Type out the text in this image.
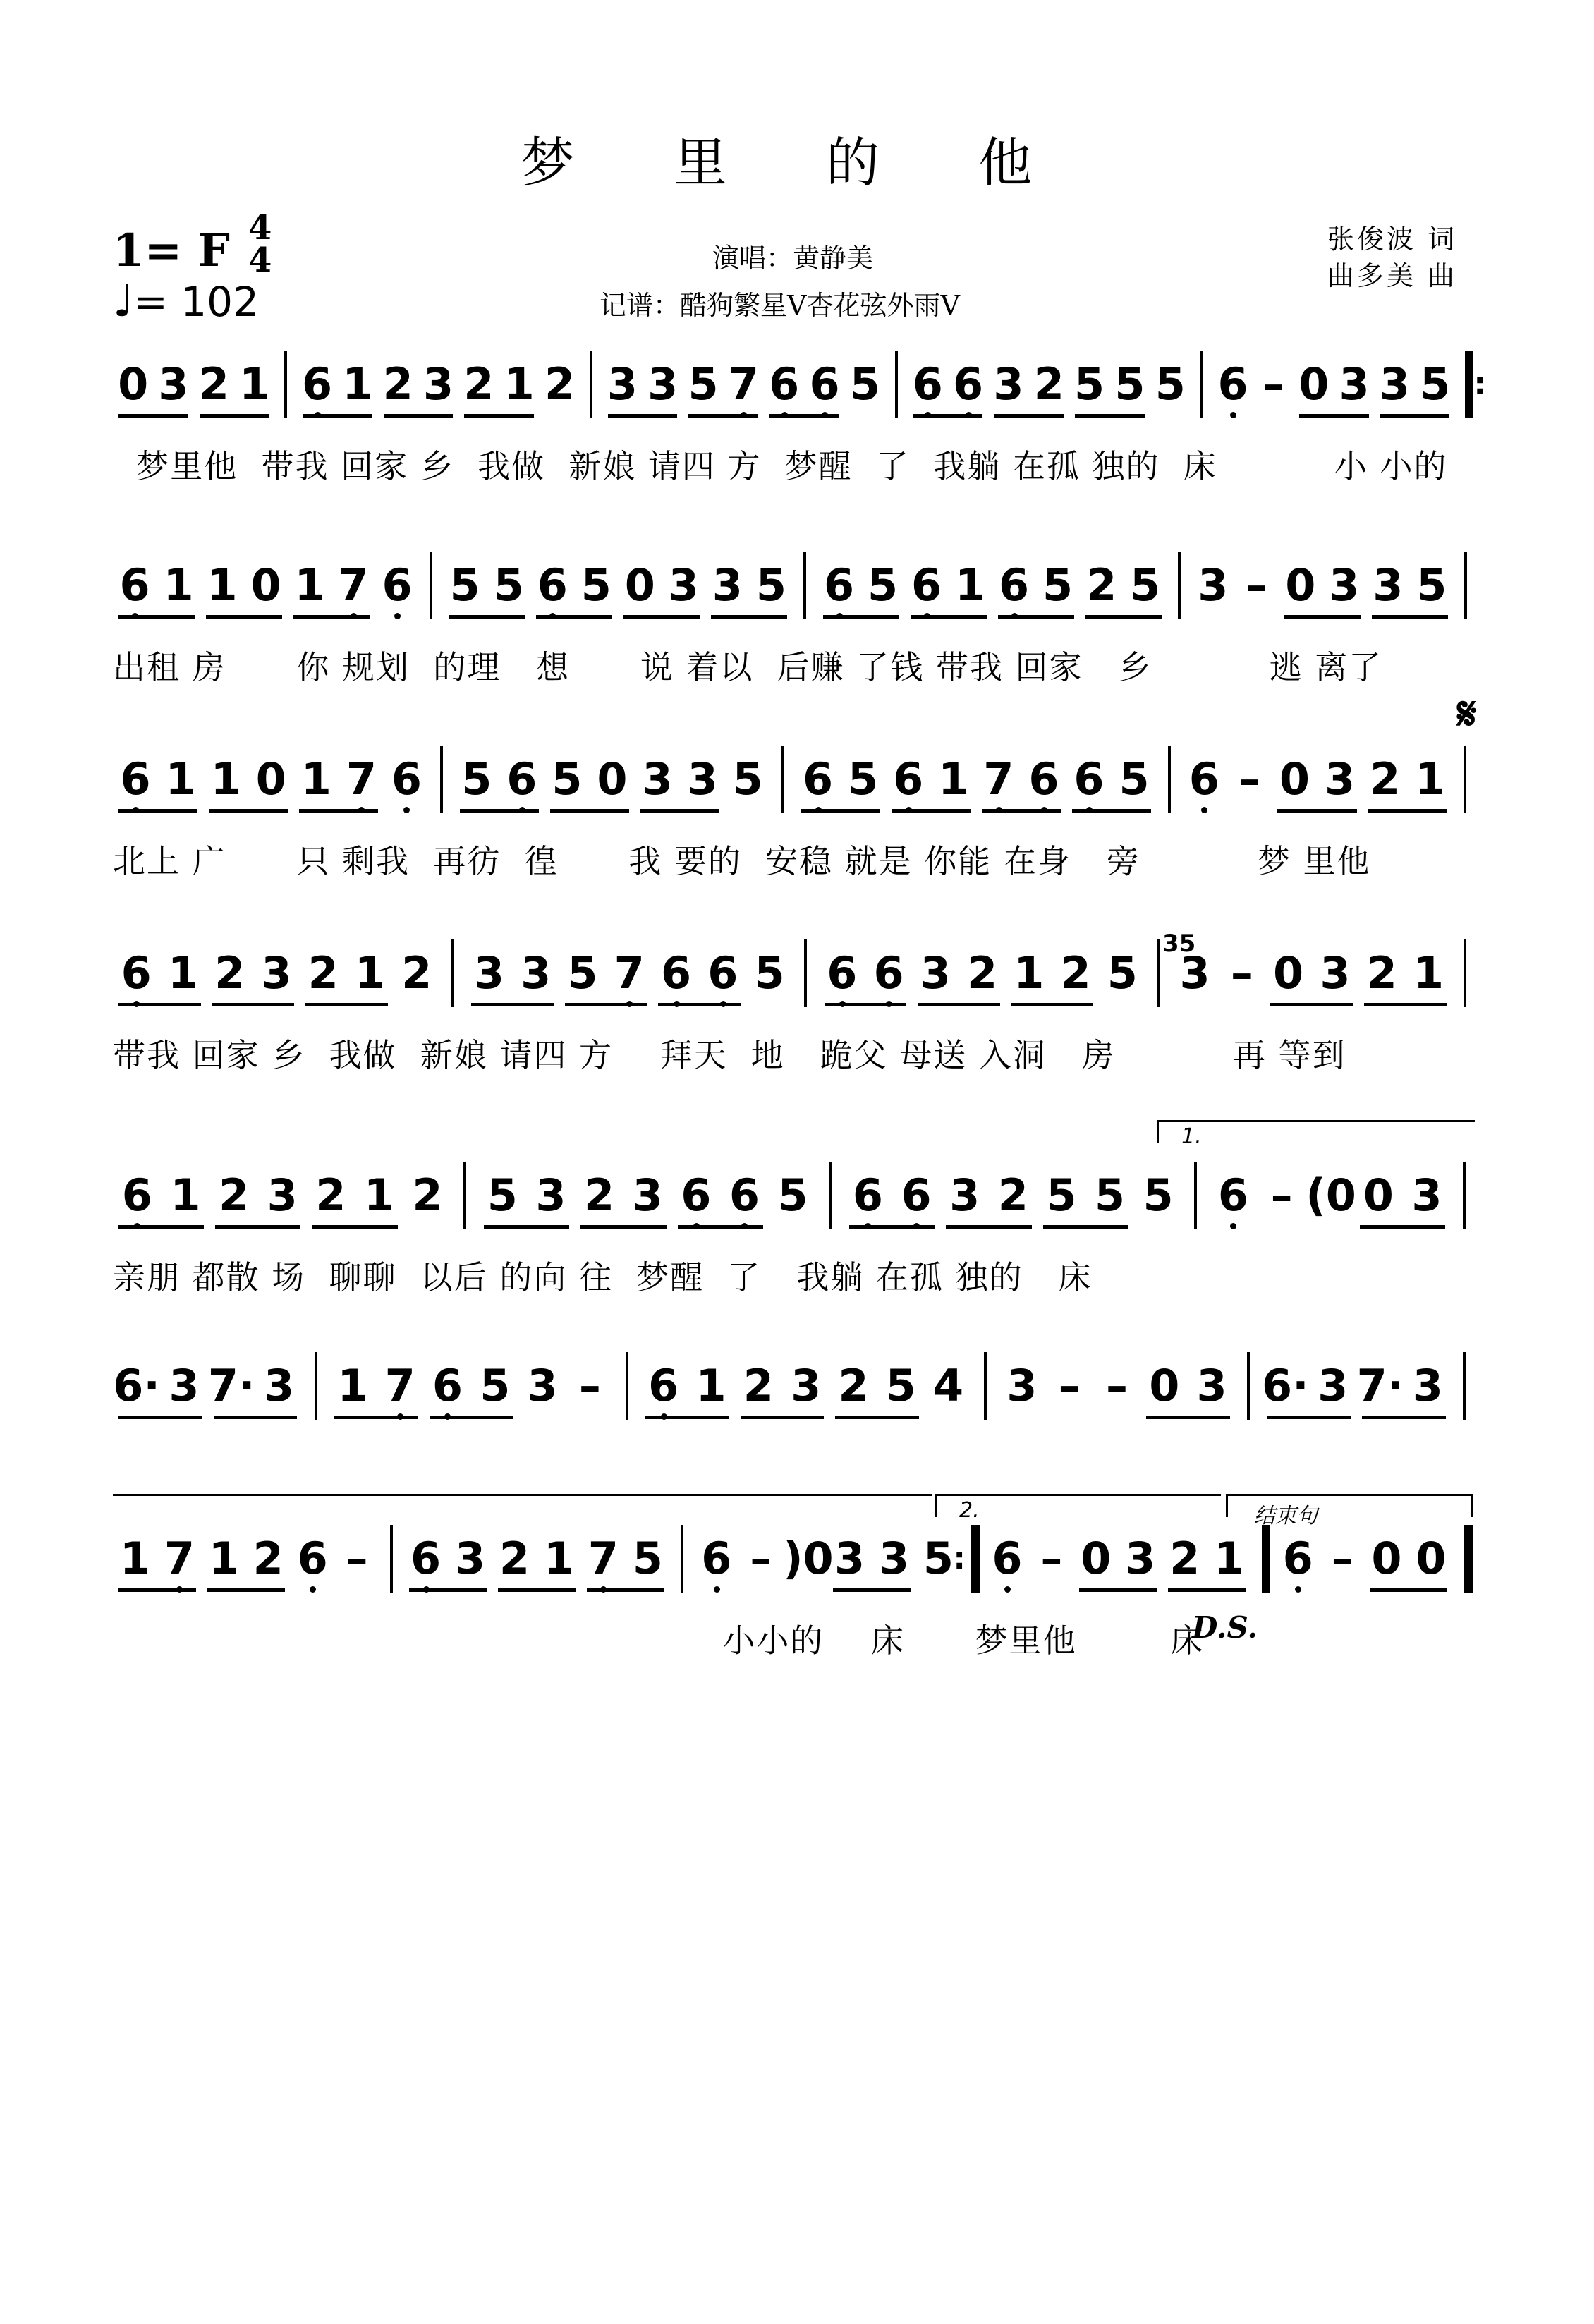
梦 里 的 他
1= F 4
4
♩= 102
演唱：黄静美
记谱：酷狗繁星V杏花弦外雨V
张俊波 词
曲多美 曲
𝄋
0 3 2 1 6 1 2 3 2 1 2 3 3 5 7 6 6 5 6 6 3 2 5 5 5 6 – 0 3 3 5 :
梦里他  带我 回家 乡  我做  新娘 请四 方  梦醒  了  我躺 在孤 独的  床          小 小的
6 1 1 0 1 7 6 5 5 6 5 0 3 3 5 6 5 6 1 6 5 2 5 3 – 0 3 3 5
出租 房      你 规划  的理   想      说 着以  后赚 了钱 带我 回家   乡          逃 离了
6 1 1 0 1 7 6 5 6 5 0 3 3 5 6 5 6 1 7 6 6 5 6 – 0 3 2 1
北上 广      只 剩我  再彷  徨      我 要的  安稳 就是 你能 在身   旁          梦 里他
6 1 2 3 2 1 2 3 3 5 7 6 6 5 6 6 3 2 1 2 5 3 – 0 3 2 1
带我 回家 乡  我做  新娘 请四 方    拜天  地   跪父 母送 入洞   房          再 等到
6 1 2 3 2 1 2 5 3 2 3 6 6 5 6 6 3 2 5 5 5 6 – (0 0 3
亲朋 都散 场  聊聊  以后 的向 往  梦醒  了   我躺 在孤 独的   床
6· 3 7· 3 1 7 6 5 3 – 6 1 2 3 2 5 4 3 – – 0 3 6· 3 7· 3
1 7 1 2 6 – 6 3 2 1 7 5 6 – )0 3 3 5 : 6 – 0 3 2 1 6 – 0 0
小小的    床      梦里他        床
1.
2.	结束句
D.S.
35
